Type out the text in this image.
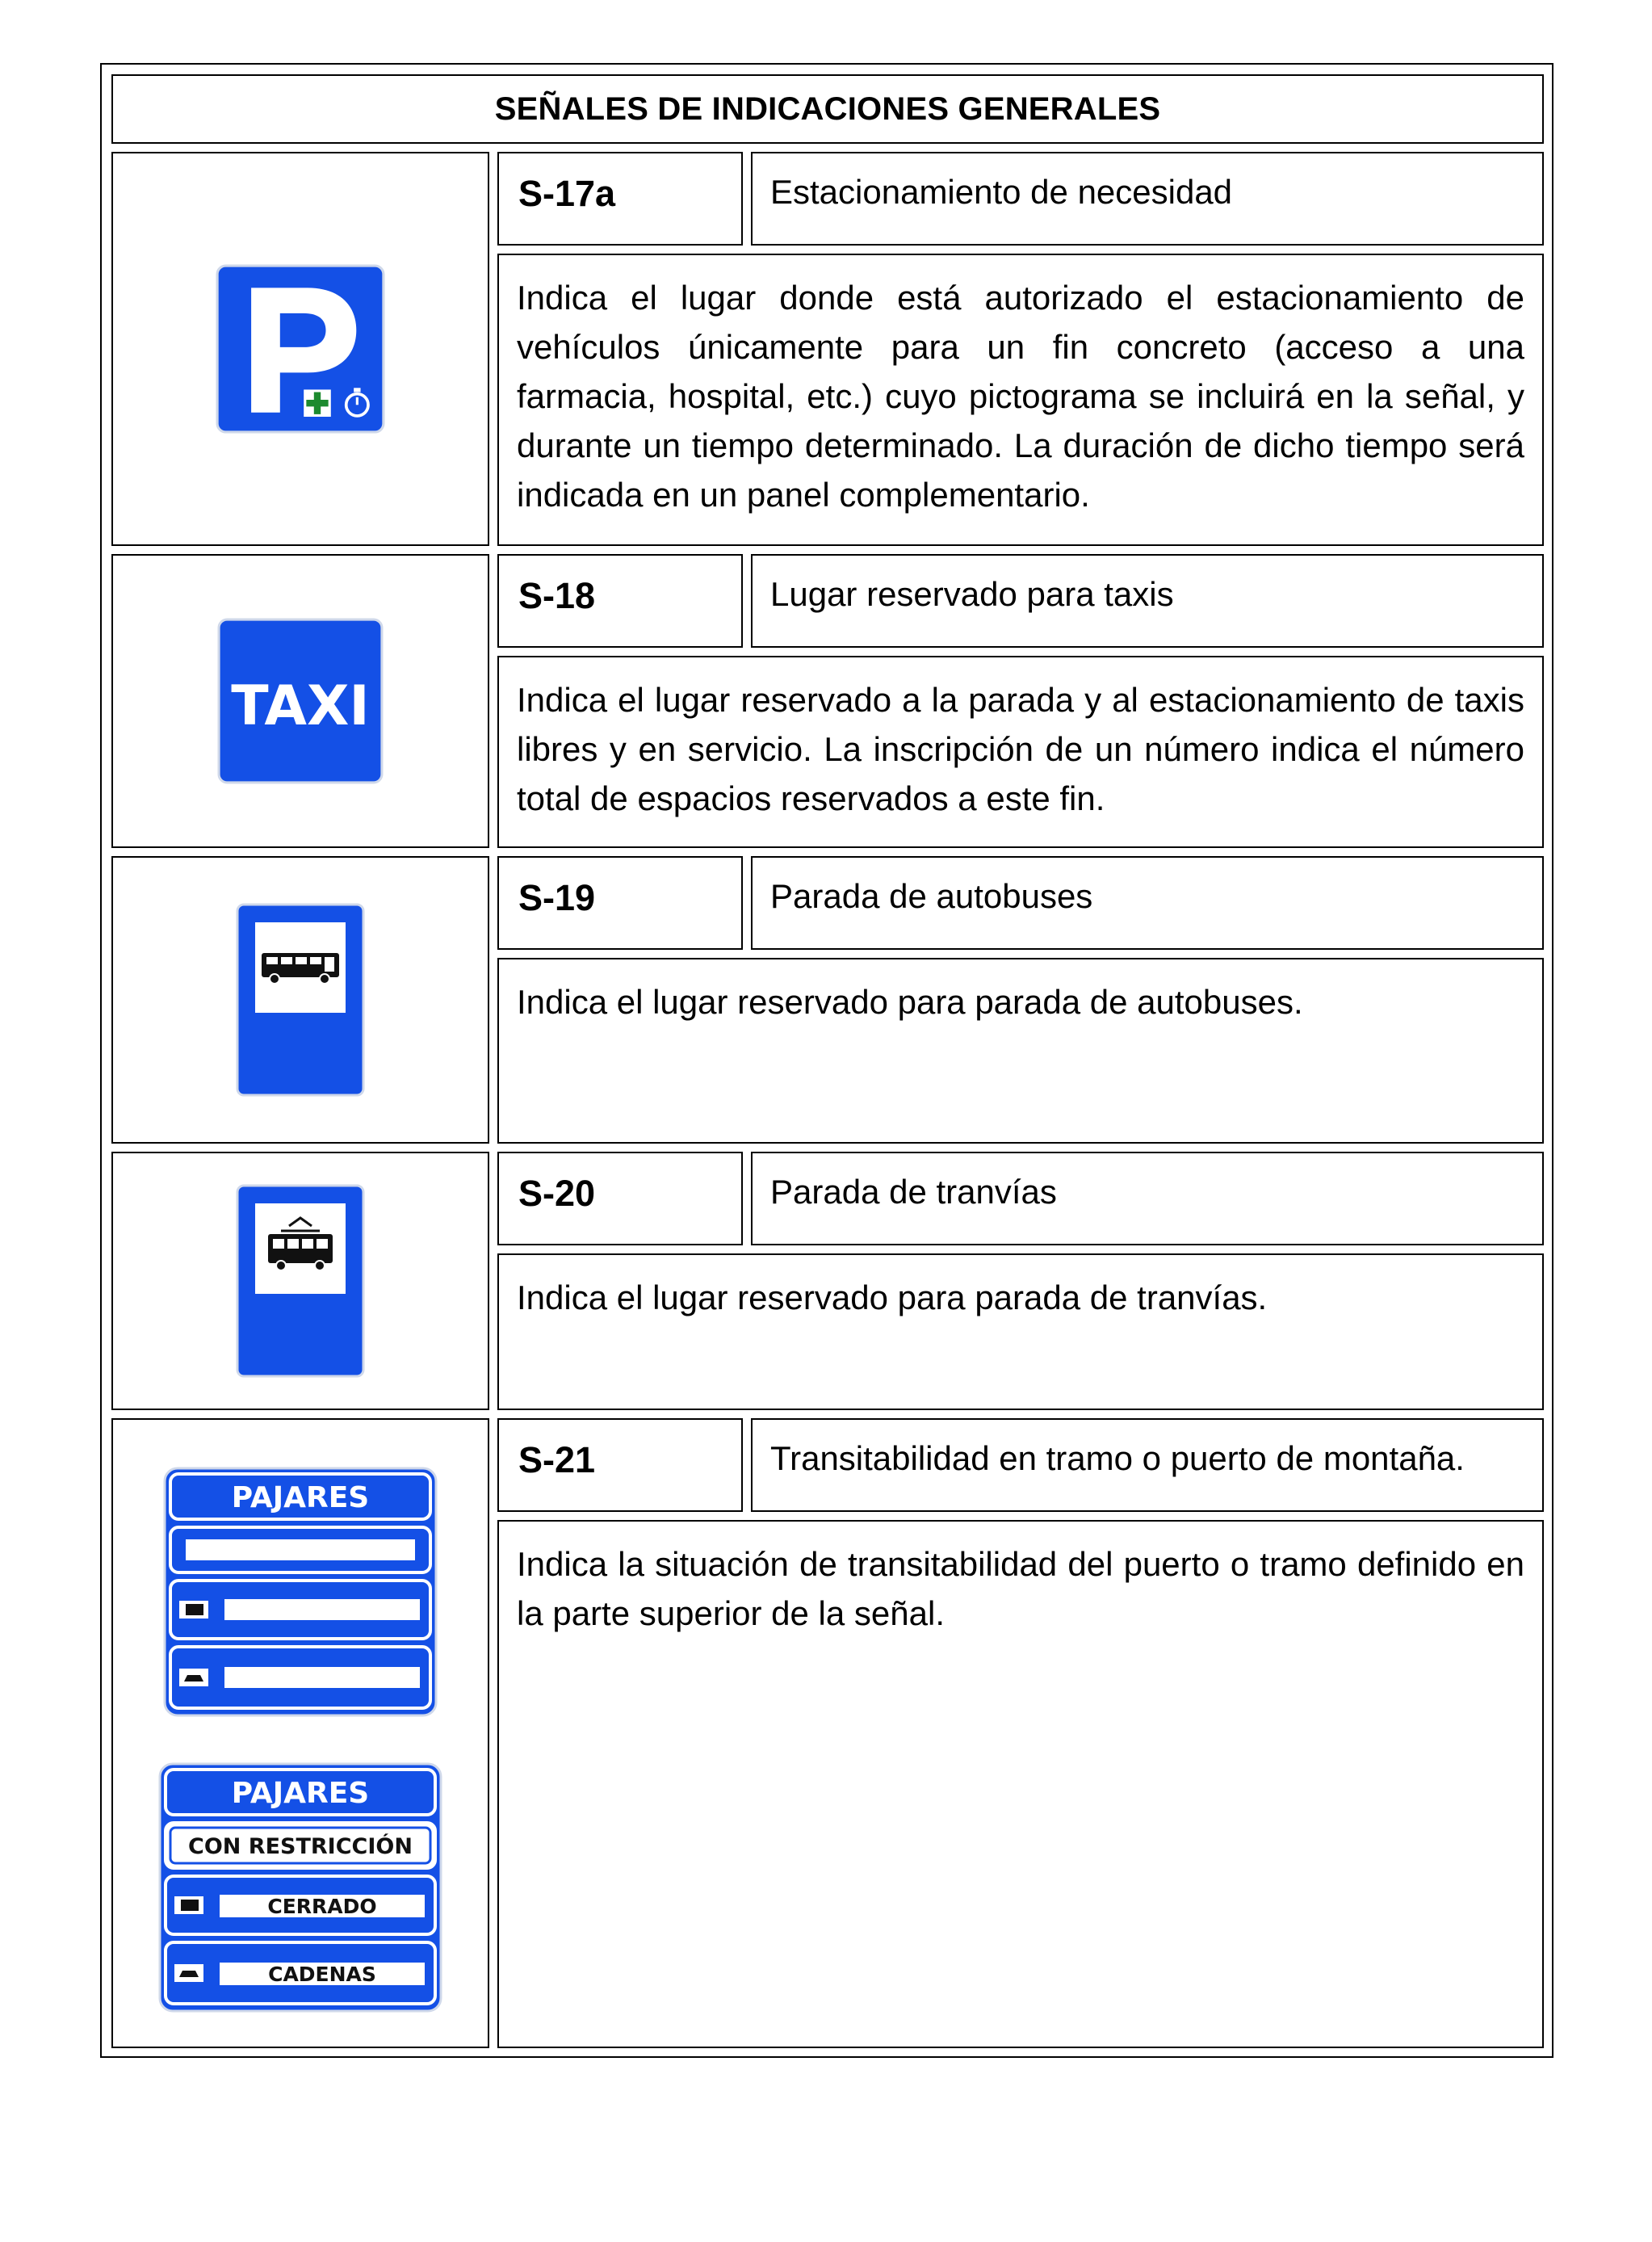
SEÑALES DE INDICACIONES GENERALES
S-17a	Estacionamiento de necesidad
Indica el lugar donde está autorizado el estacionamiento de vehículos únicamente para un fin concreto (acceso a una farmacia, hospital, etc.) cuyo pictograma se incluirá en la señal, y durante un tiempo determinado. La duración de dicho tiempo será indicada en un panel complementario.
TAXI
S-18	Lugar reservado para taxis
Indica el lugar reservado a la parada y al estacionamiento de taxis libres y en servicio. La inscripción de un número indica el número total de espacios reservados a este fin.
S-19	Parada de autobuses
Indica el lugar reservado para parada de autobuses.
S-20	Parada de tranvías
Indica el lugar reservado para parada de tranvías.
PAJARES
PAJARES
CON RESTRICCIÓN
CERRADO
CADENAS
S-21	Transitabilidad en tramo o puerto de montaña.
Indica la situación de transitabilidad del puerto o tramo definido en la parte superior de la señal.
